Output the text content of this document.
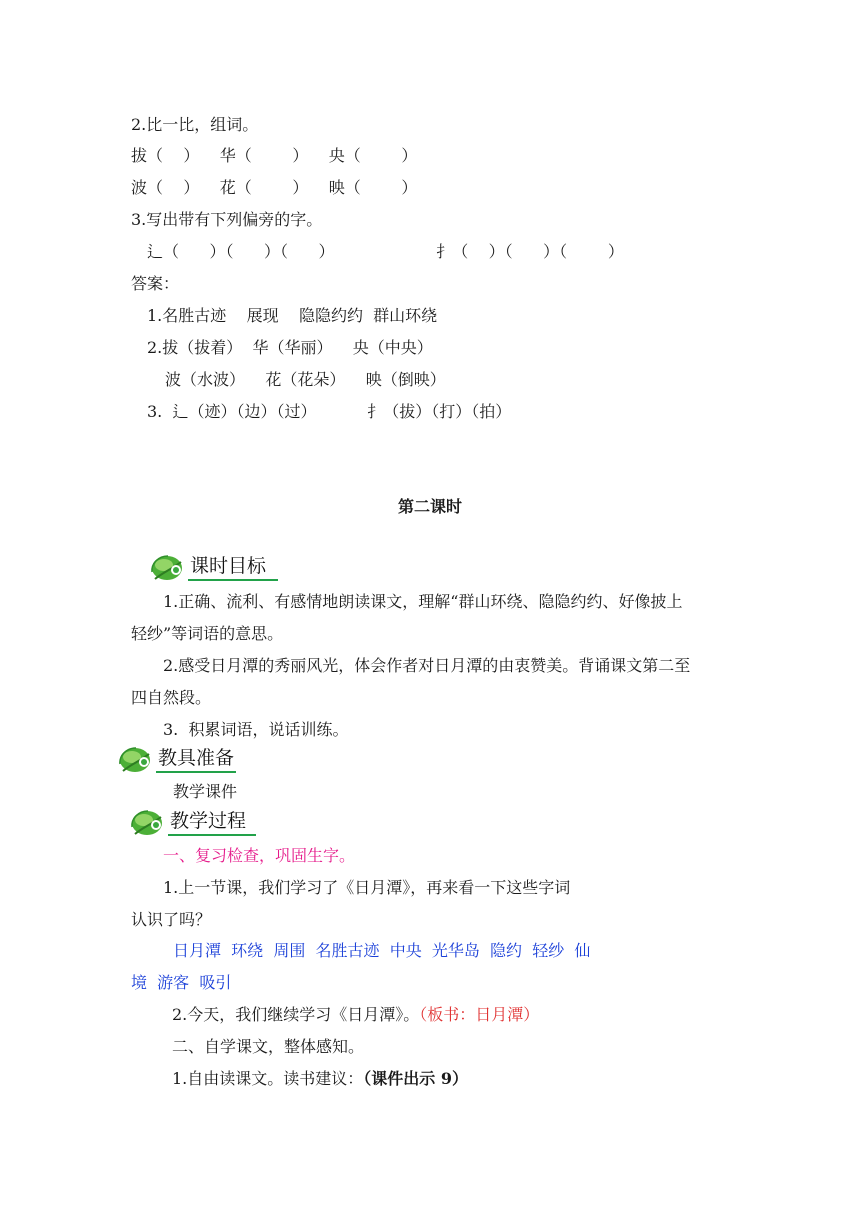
2.比一比，组词。
拔（    ）    华（        ）    央（        ）
波（    ）    花（        ）    映（        ）
3.写出带有下列偏旁的字。
⻍（      ）（      ）（      ）                    扌（    ）（      ）（        ）
答案：
1.名胜古迹    展现    隐隐约约  群山环绕
2.拔（拔着）  华（华丽）    央（中央）
波（水波）    花（花朵）    映（倒映）
3.  ⻍（迹）（边）（过）          扌（拔）（打）（拍）
第二课时
课时目标
1.正确、流利、有感情地朗读课文，理解“群山环绕、隐隐约约、好像披上
轻纱”等词语的意思。
2.感受日月潭的秀丽风光，体会作者对日月潭的由衷赞美。背诵课文第二至
四自然段。
3.  积累词语，说话训练。
教具准备
教学课件
教学过程
一、复习检查，巩固生字。
1.上一节课，我们学习了《日月潭》，再来看一下这些字词
认识了吗？
日月潭  环绕  周围  名胜古迹  中央  光华岛  隐约  轻纱  仙
境  游客  吸引
2.今天，我们继续学习《日月潭》。（板书：日月潭）
二、自学课文，整体感知。
1.自由读课文。读书建议：（课件出示 9）
